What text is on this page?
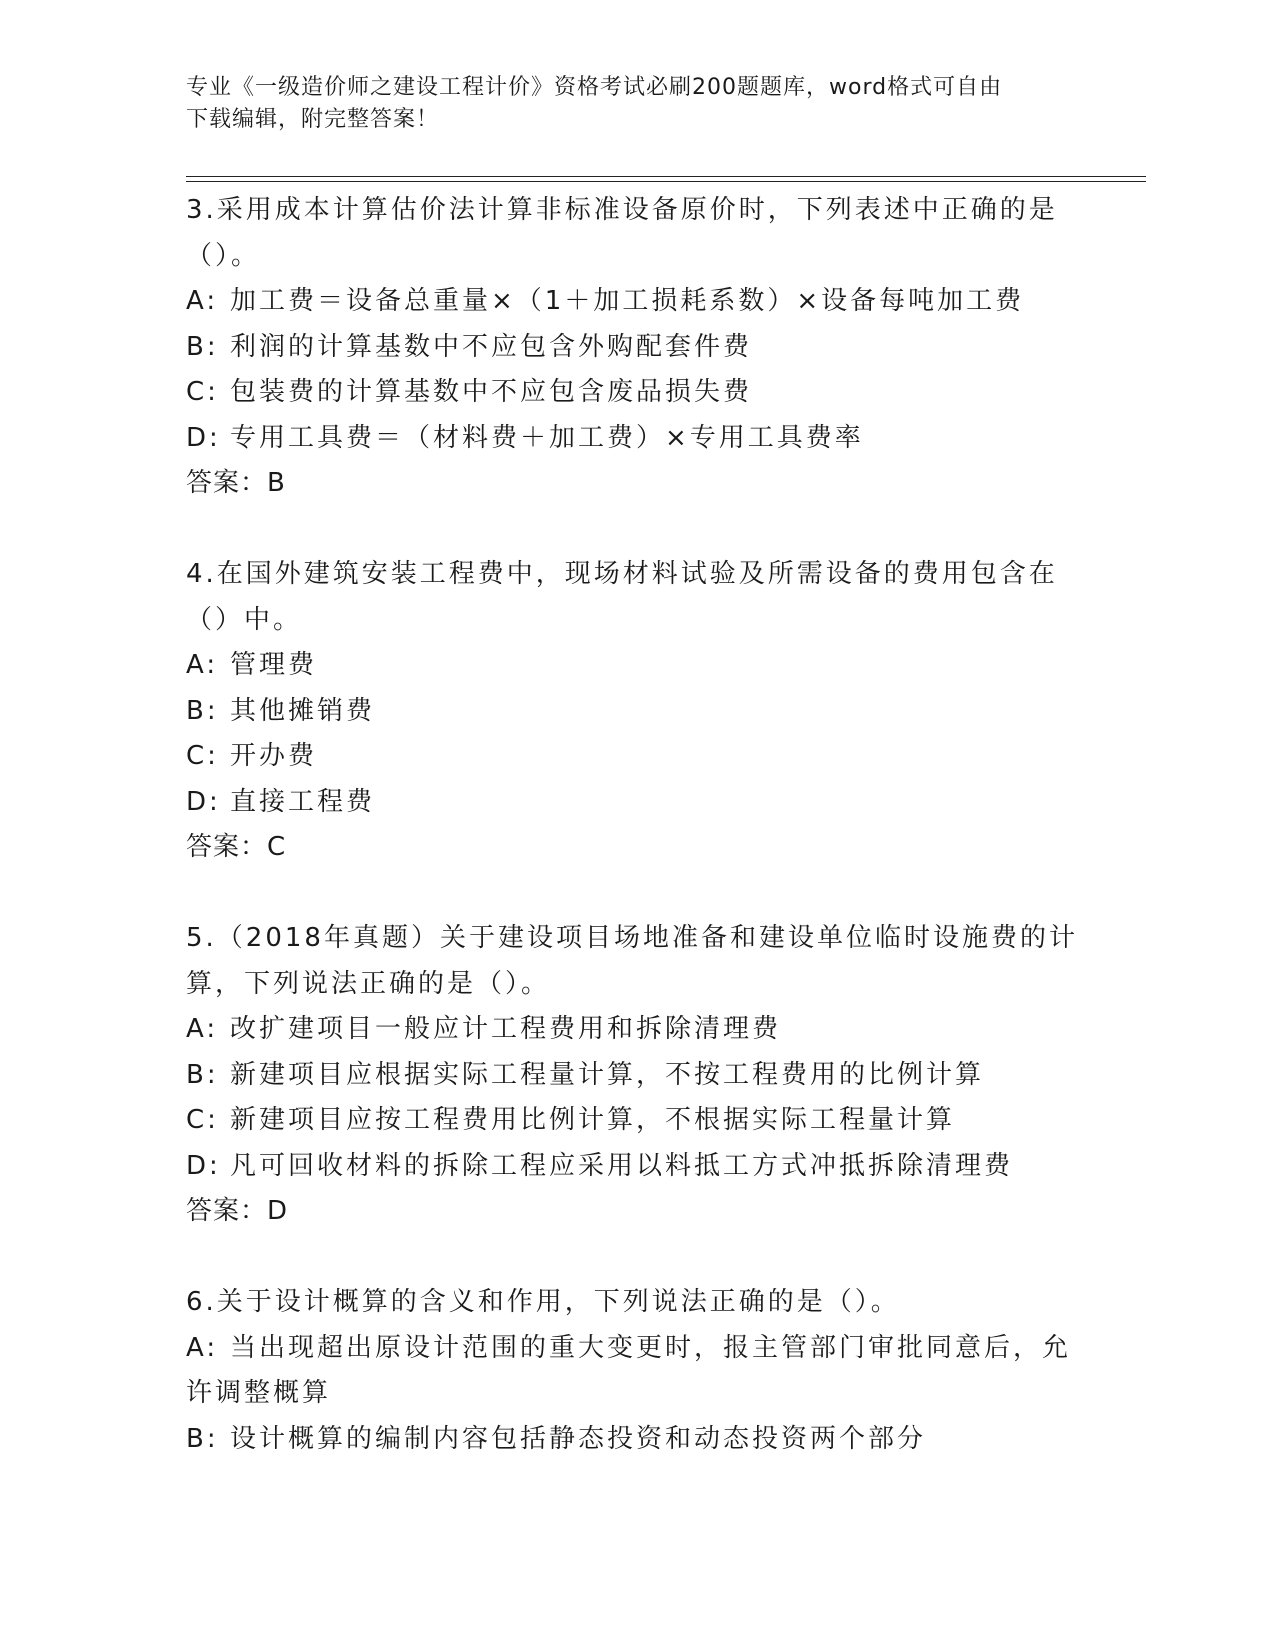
专业《一级造价师之建设工程计价》资格考试必刷200题题库，word格式可自由
下载编辑，附完整答案！
3.采用成本计算估价法计算非标准设备原价时，下列表述中正确的是
（）。
A: 加工费＝设备总重量×（1＋加工损耗系数）×设备每吨加工费
B: 利润的计算基数中不应包含外购配套件费
C: 包装费的计算基数中不应包含废品损失费
D: 专用工具费＝（材料费＋加工费）×专用工具费率
答案：B
4.在国外建筑安装工程费中，现场材料试验及所需设备的费用包含在
（）中。
A: 管理费
B: 其他摊销费
C: 开办费
D: 直接工程费
答案：C
5.（2018年真题）关于建设项目场地准备和建设单位临时设施费的计
算，下列说法正确的是（）。
A: 改扩建项目一般应计工程费用和拆除清理费
B: 新建项目应根据实际工程量计算，不按工程费用的比例计算
C: 新建项目应按工程费用比例计算，不根据实际工程量计算
D: 凡可回收材料的拆除工程应采用以料抵工方式冲抵拆除清理费
答案：D
6.关于设计概算的含义和作用，下列说法正确的是（）。
A: 当出现超出原设计范围的重大变更时，报主管部门审批同意后，允
许调整概算
B: 设计概算的编制内容包括静态投资和动态投资两个部分
